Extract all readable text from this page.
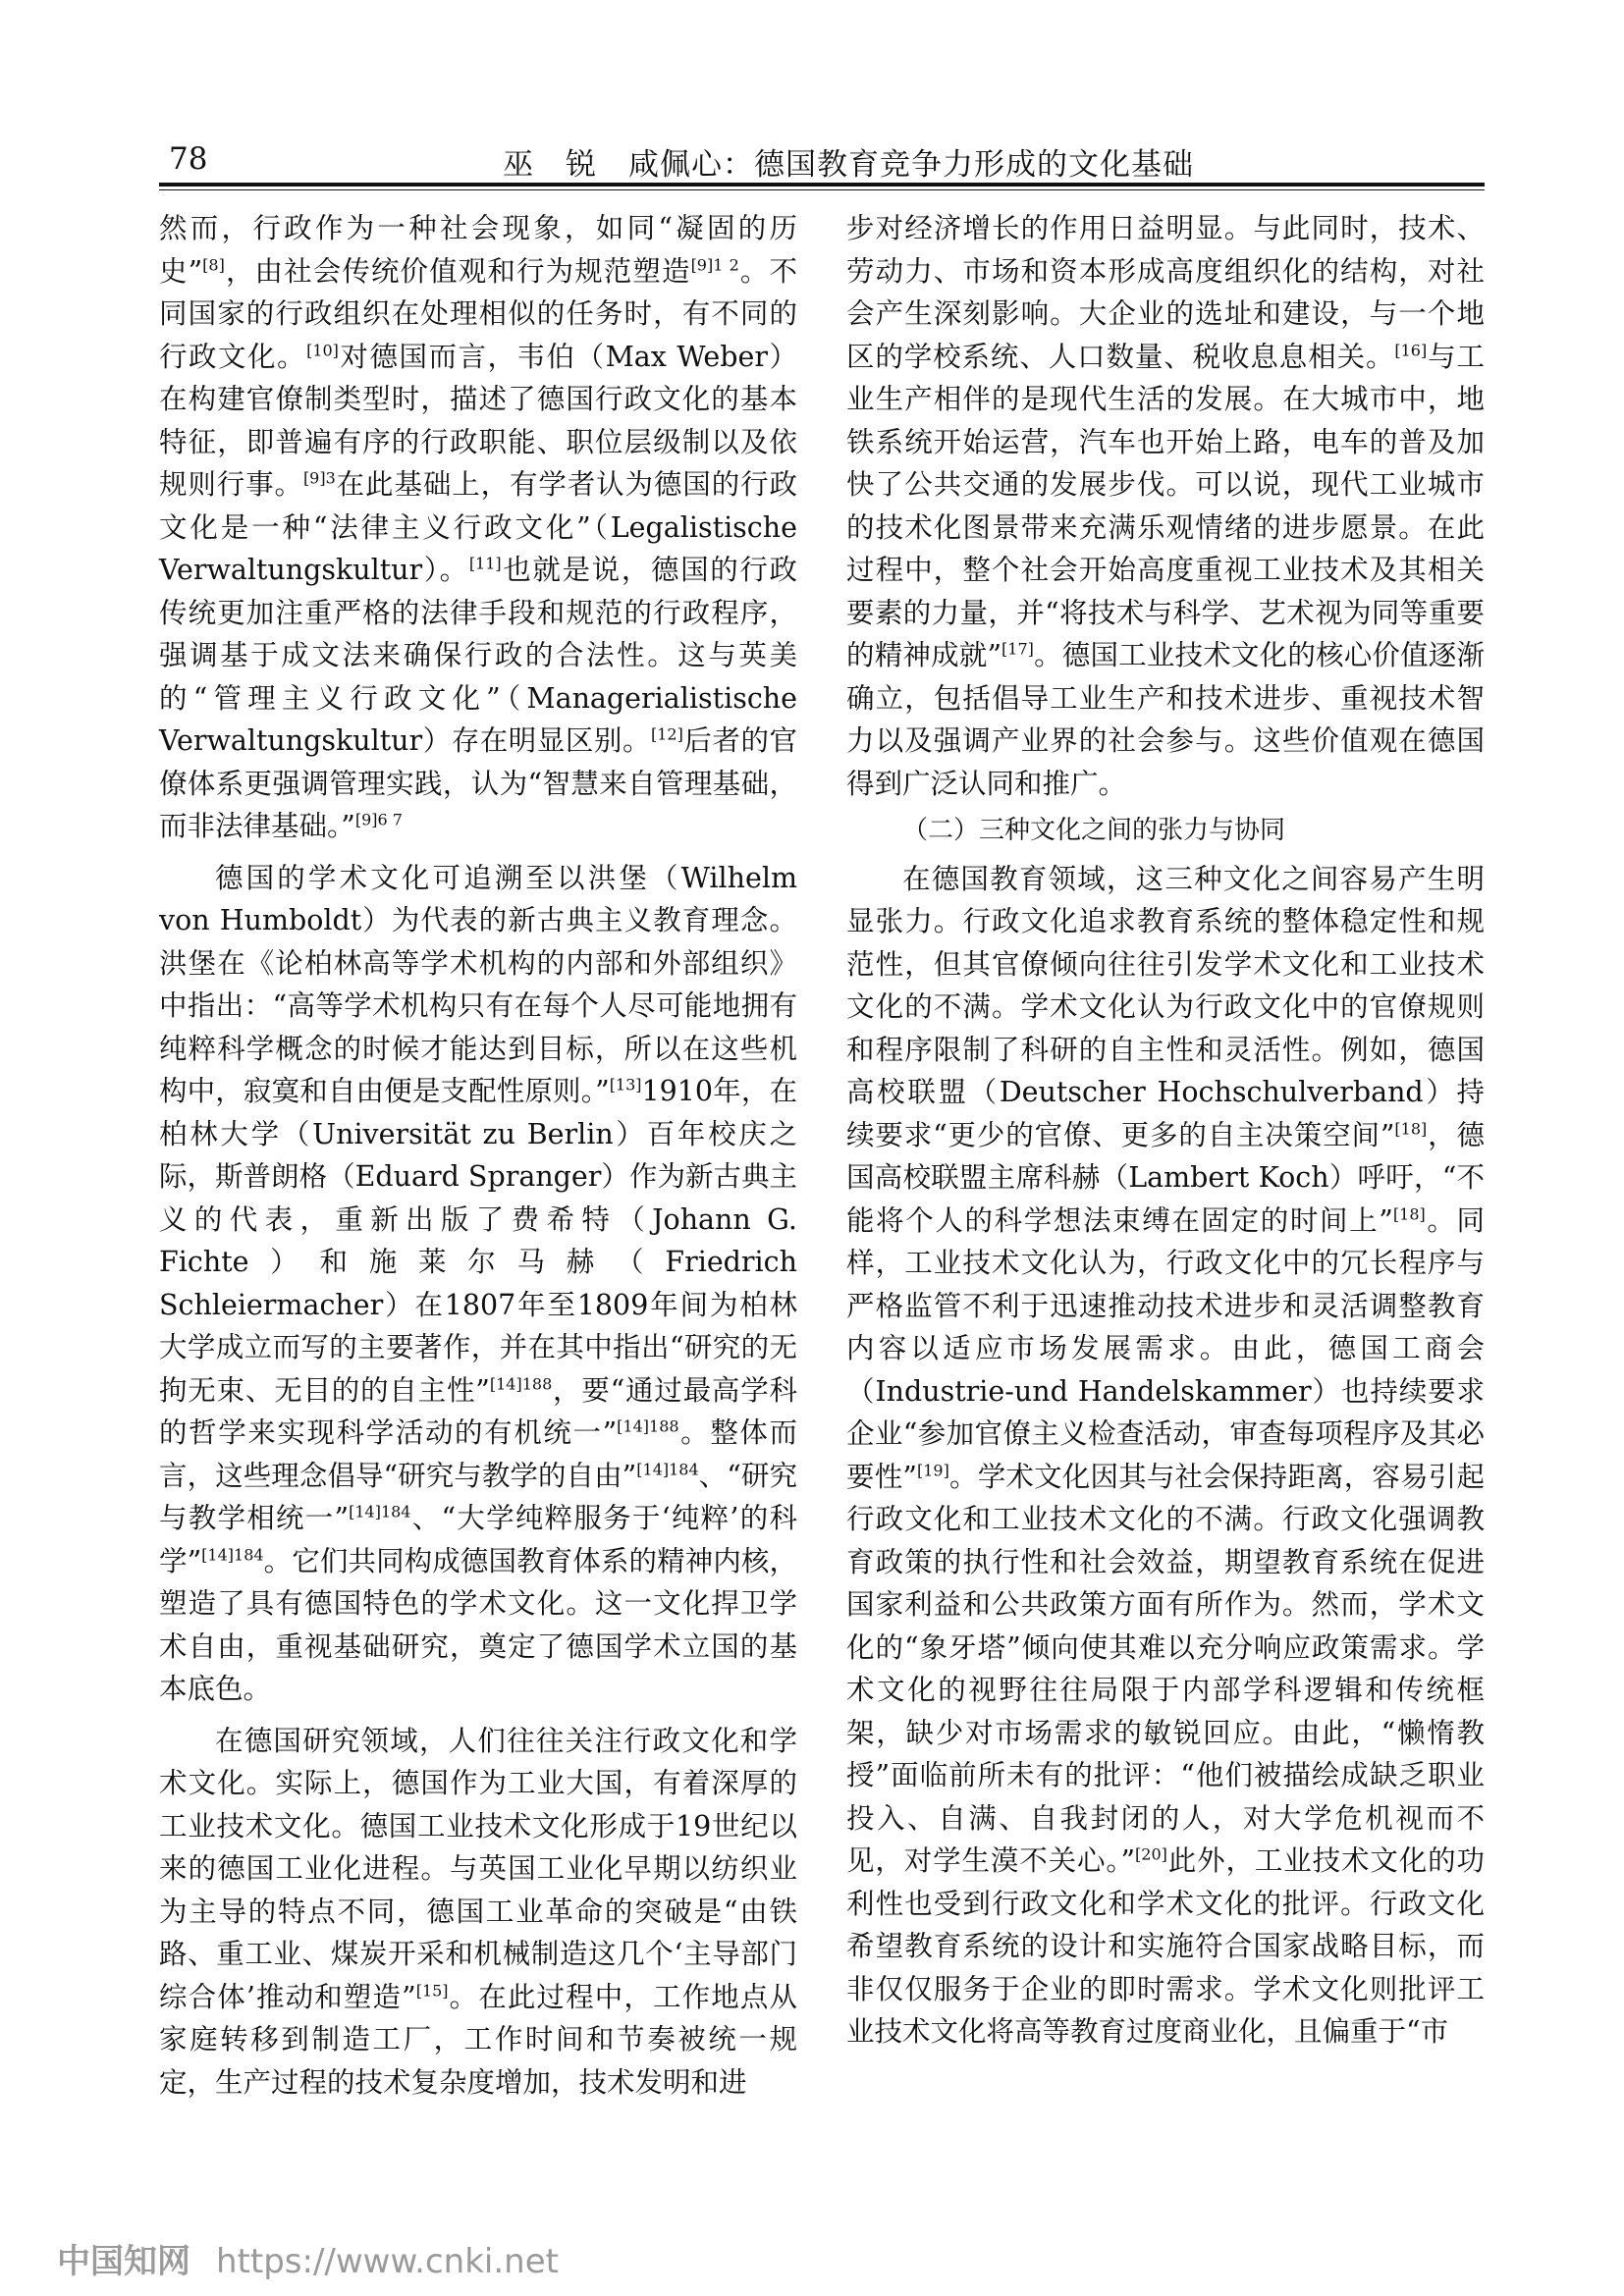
78	巫　锐　咸佩心：德国教育竞争力形成的文化基础

然而，行政作为一种社会现象，如同“凝固的历史”[8]，由社会传统价值观和行为规范塑造$^{[9]1 2}$。不同国家的行政组织在处理相似的任务时，有不同的行政文化。[10]对德国而言，韦伯（Max Weber）在构建官僚制类型时，描述了德国行政文化的基本特征，即普遍有序的行政职能、职位层级制以及依规则行事。$^{[9]3}$在此基础上，有学者认为德国的行政文化是一种“法律主义行政文化”（Legalistische Verwaltungskultur）。[11]也就是说，德国的行政传统更加注重严格的法律手段和规范的行政程序，强调基于成文法来确保行政的合法性。这与英美的“管理主义行政文化”（Managerialistische Verwaltungskultur）存在明显区别。[12]后者的官僚体系更强调管理实践，认为“智慧来自管理基础，而非法律基础。”$^{[9]6 7}$

德国的学术文化可追溯至以洪堡（Wilhelm von Humboldt）为代表的新古典主义教育理念。洪堡在《论柏林高等学术机构的内部和外部组织》中指出：“高等学术机构只有在每个人尽可能地拥有纯粹科学概念的时候才能达到目标，所以在这些机构中，寂寞和自由便是支配性原则。”[13]1910年，在柏林大学（Universität zu Berlin）百年校庆之际，斯普朗格（Eduard Spranger）作为新古典主义的代表，重新出版了费希特（Johann G. Fichte）和施莱尔马赫（Friedrich Schleiermacher）在1807年至1809年间为柏林大学成立而写的主要著作，并在其中指出“研究的无拘无束、无目的的自主性”$^{[14]188}$，要“通过最高学科的哲学来实现科学活动的有机统一”$^{[14]188}$。整体而言，这些理念倡导“研究与教学的自由”$^{[14]184}$、“研究与教学相统一”$^{[14]184}$、“大学纯粹服务于‘纯粹’的科学”$^{[14]184}$。它们共同构成德国教育体系的精神内核，塑造了具有德国特色的学术文化。这一文化捍卫学术自由，重视基础研究，奠定了德国学术立国的基本底色。

在德国研究领域，人们往往关注行政文化和学术文化。实际上，德国作为工业大国，有着深厚的工业技术文化。德国工业技术文化形成于19世纪以来的德国工业化进程。与英国工业化早期以纺织业为主导的特点不同，德国工业革命的突破是“由铁路、重工业、煤炭开采和机械制造这几个‘主导部门综合体’推动和塑造”[15]。在此过程中，工作地点从家庭转移到制造工厂，工作时间和节奏被统一规定，生产过程的技术复杂度增加，技术发明和进

步对经济增长的作用日益明显。与此同时，技术、劳动力、市场和资本形成高度组织化的结构，对社会产生深刻影响。大企业的选址和建设，与一个地区的学校系统、人口数量、税收息息相关。[16]与工业生产相伴的是现代生活的发展。在大城市中，地铁系统开始运营，汽车也开始上路，电车的普及加快了公共交通的发展步伐。可以说，现代工业城市的技术化图景带来充满乐观情绪的进步愿景。在此过程中，整个社会开始高度重视工业技术及其相关要素的力量，并“将技术与科学、艺术视为同等重要的精神成就”[17]。德国工业技术文化的核心价值逐渐确立，包括倡导工业生产和技术进步、重视技术智力以及强调产业界的社会参与。这些价值观在德国得到广泛认同和推广。

（二）三种文化之间的张力与协同

在德国教育领域，这三种文化之间容易产生明显张力。行政文化追求教育系统的整体稳定性和规范性，但其官僚倾向往往引发学术文化和工业技术文化的不满。学术文化认为行政文化中的官僚规则和程序限制了科研的自主性和灵活性。例如，德国高校联盟（Deutscher Hochschulverband）持续要求“更少的官僚、更多的自主决策空间”[18]，德国高校联盟主席科赫（Lambert Koch）呼吁，“不能将个人的科学想法束缚在固定的时间上”[18]。同样，工业技术文化认为，行政文化中的冗长程序与严格监管不利于迅速推动技术进步和灵活调整教育内容以适应市场发展需求。由此，德国工商会（Industrie-und Handelskammer）也持续要求企业“参加官僚主义检查活动，审查每项程序及其必要性”[19]。学术文化因其与社会保持距离，容易引起行政文化和工业技术文化的不满。行政文化强调教育政策的执行性和社会效益，期望教育系统在促进国家利益和公共政策方面有所作为。然而，学术文化的“象牙塔”倾向使其难以充分响应政策需求。学术文化的视野往往局限于内部学科逻辑和传统框架，缺少对市场需求的敏锐回应。由此，“懒惰教授”面临前所未有的批评：“他们被描绘成缺乏职业投入、自满、自我封闭的人，对大学危机视而不见，对学生漠不关心。”[20]此外，工业技术文化的功利性也受到行政文化和学术文化的批评。行政文化希望教育系统的设计和实施符合国家战略目标，而非仅仅服务于企业的即时需求。学术文化则批评工业技术文化将高等教育过度商业化，且偏重于“市

中国知网 https://www.cnki.net
